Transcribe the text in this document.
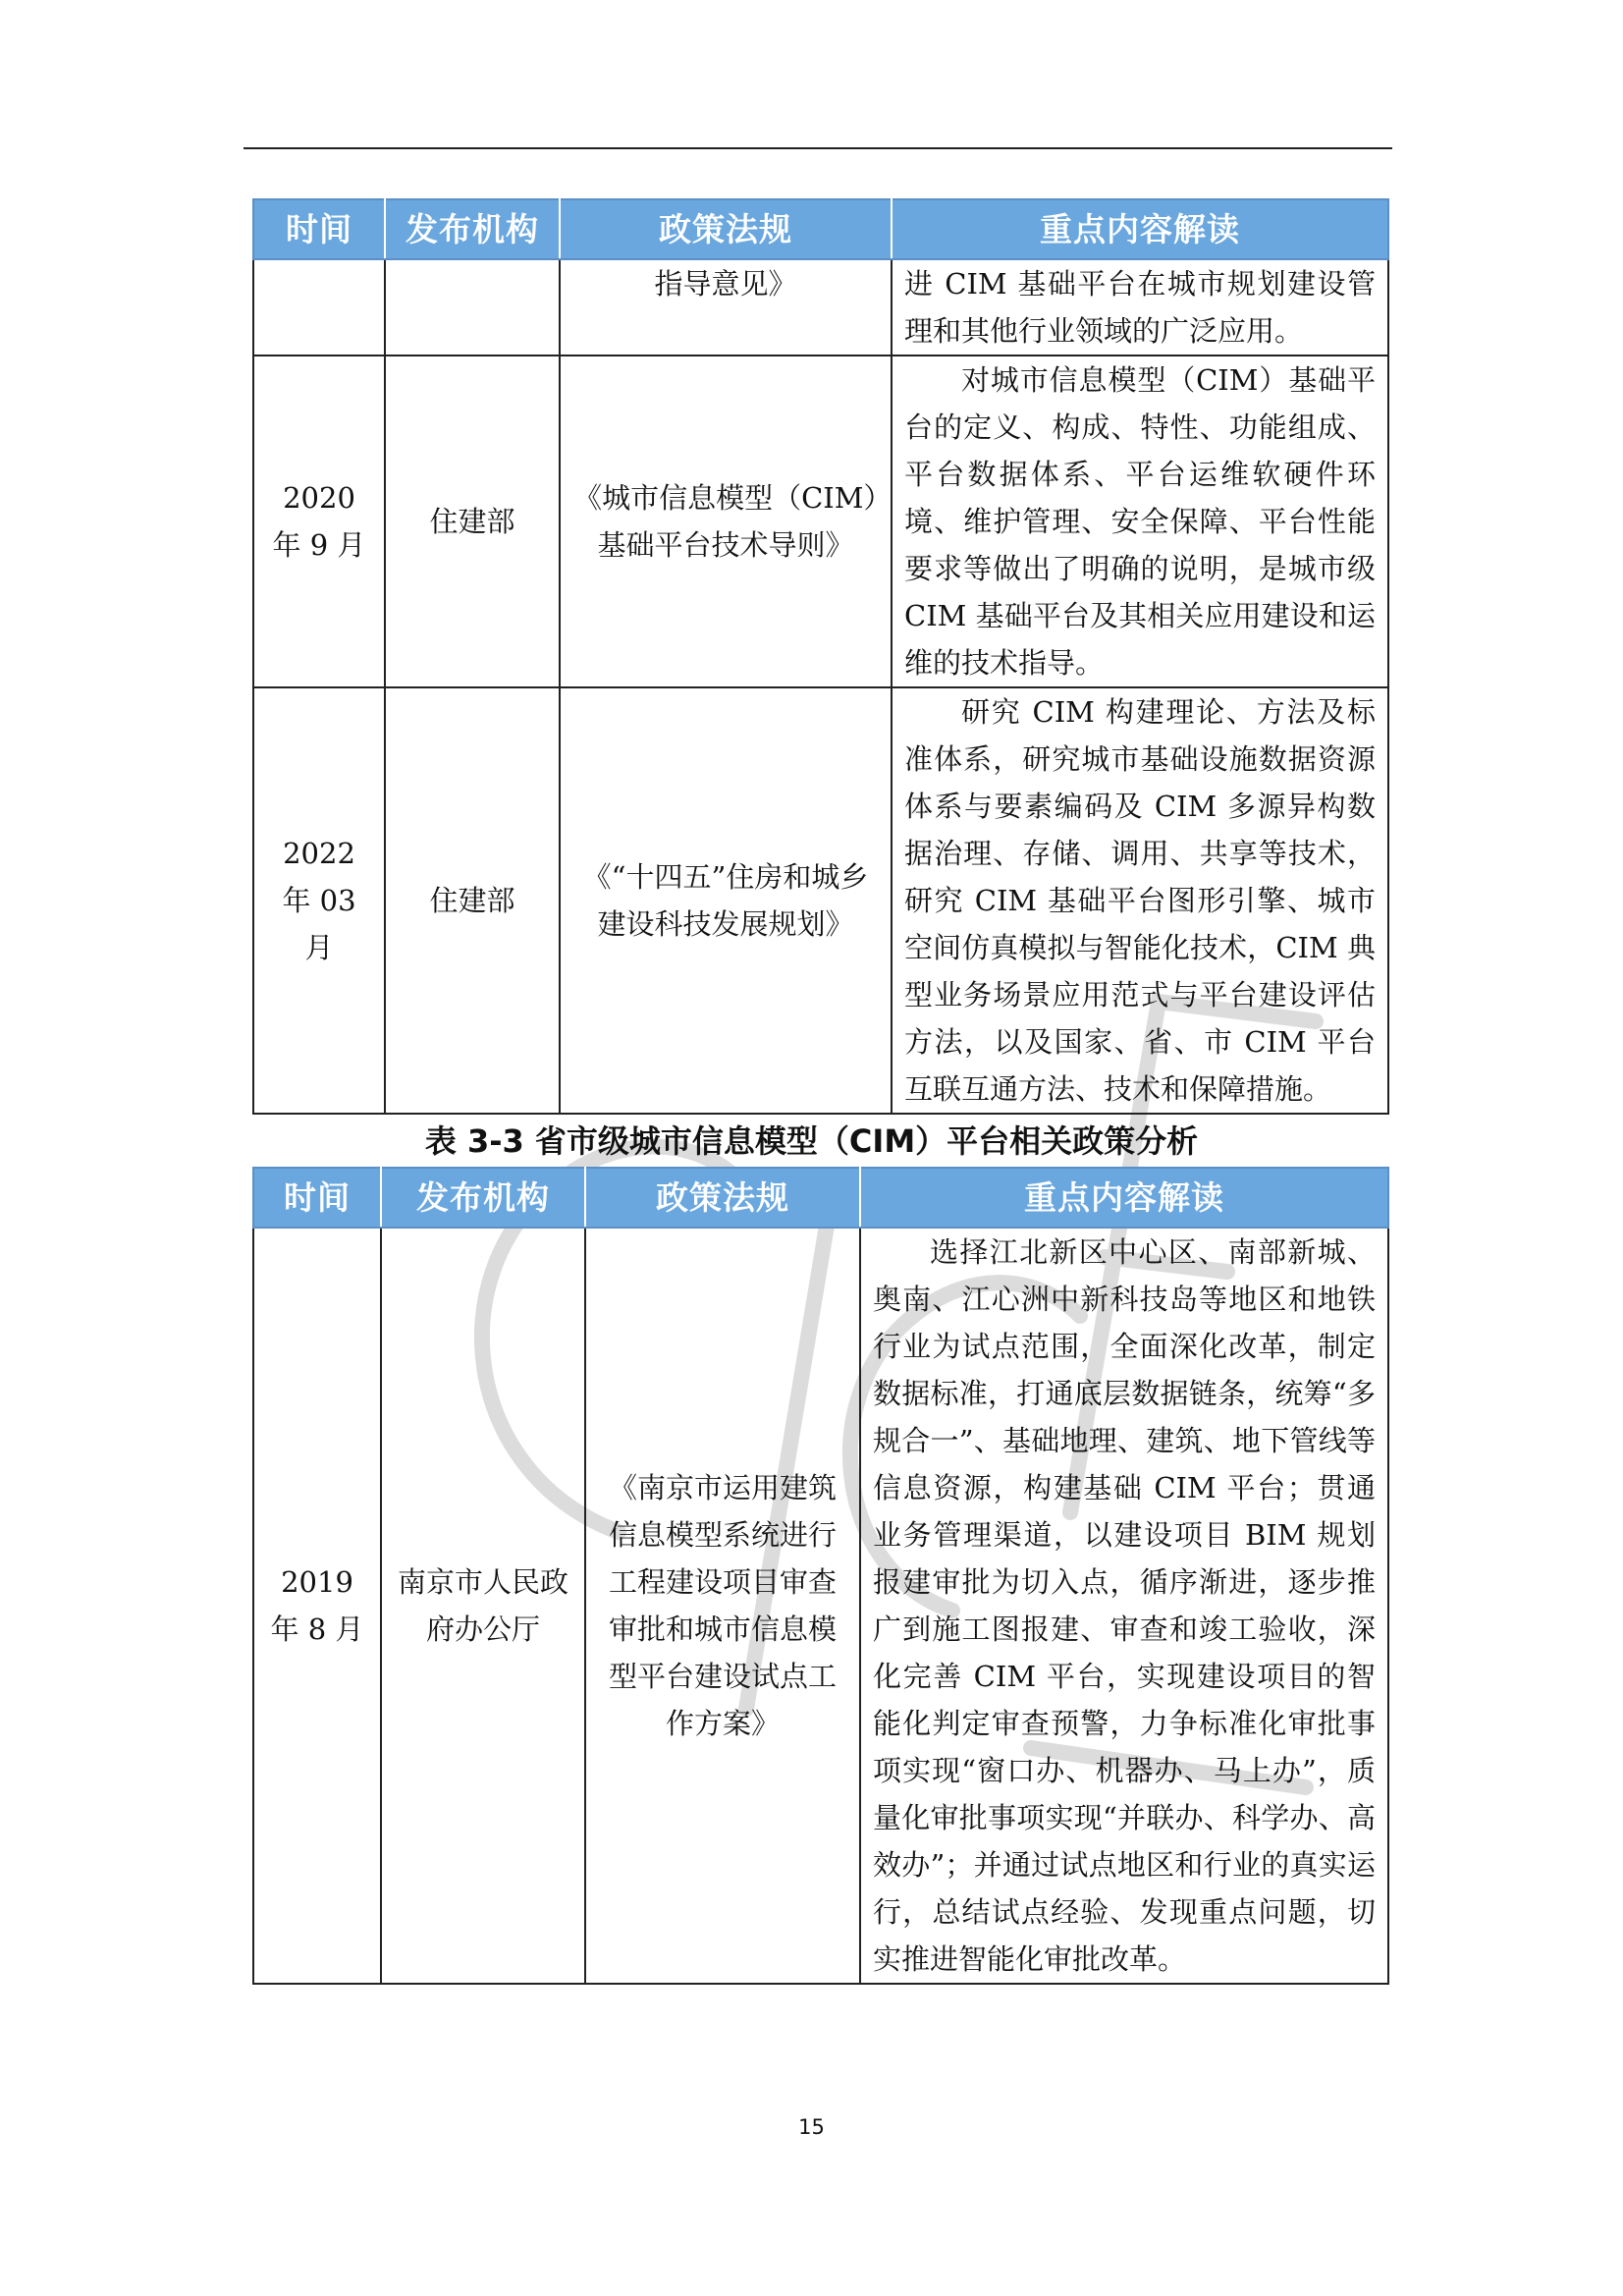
时间	发布机构	政策法规	重点内容解读
		指导意见》	进 CIM 基础平台在城市规划建设管理和其他行业领域的广泛应用。
2020 年 9 月	住建部	《城市信息模型（CIM）基础平台技术导则》	对城市信息模型（CIM）基础平台的定义、构成、特性、功能组成、平台数据体系、平台运维软硬件环境、维护管理、安全保障、平台性能要求等做出了明确的说明，是城市级 CIM 基础平台及其相关应用建设和运维的技术指导。
2022 年 03 月	住建部	《“十四五”住房和城乡建设科技发展规划》	研究 CIM 构建理论、方法及标准体系，研究城市基础设施数据资源体系与要素编码及 CIM 多源异构数据治理、存储、调用、共享等技术，研究 CIM 基础平台图形引擎、城市空间仿真模拟与智能化技术，CIM 典型业务场景应用范式与平台建设评估方法，以及国家、省、市 CIM 平台互联互通方法、技术和保障措施。
表 3-3 省市级城市信息模型（CIM）平台相关政策分析
时间	发布机构	政策法规	重点内容解读
2019 年 8 月	南京市人民政府办公厅	《南京市运用建筑信息模型系统进行工程建设项目审查审批和城市信息模型平台建设试点工作方案》	选择江北新区中心区、南部新城、奥南、江心洲中新科技岛等地区和地铁行业为试点范围，全面深化改革，制定数据标准，打通底层数据链条，统筹“多规合一”、基础地理、建筑、地下管线等信息资源，构建基础 CIM 平台；贯通业务管理渠道，以建设项目 BIM 规划报建审批为切入点，循序渐进，逐步推广到施工图报建、审查和竣工验收，深化完善 CIM 平台，实现建设项目的智能化判定审查预警，力争标准化审批事项实现“窗口办、机器办、马上办”，质量化审批事项实现“并联办、科学办、高效办”；并通过试点地区和行业的真实运行，总结试点经验、发现重点问题，切实推进智能化审批改革。
15
